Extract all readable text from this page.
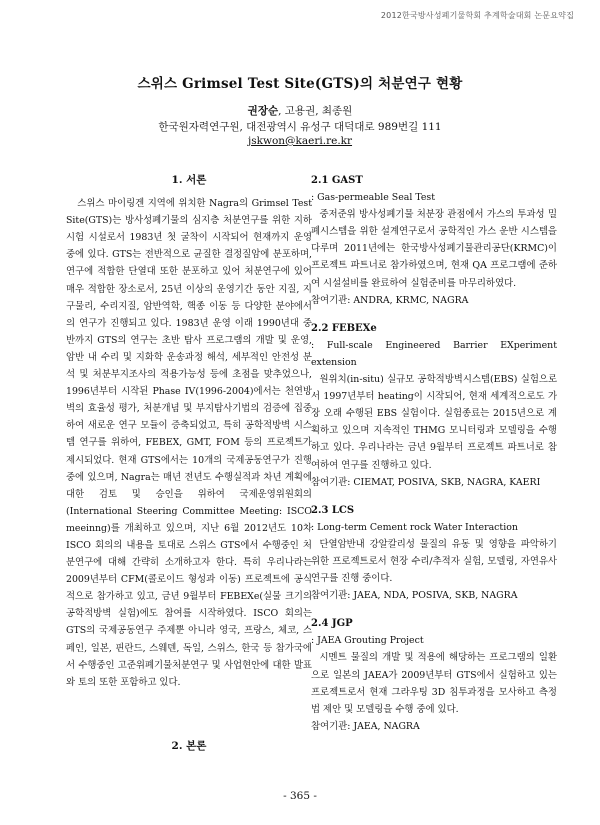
2012한국방사성폐기물학회 추계학술대회 논문요약집
스위스 Grimsel Test Site(GTS)의 처분연구 현황
권장순, 고용권, 최종원
한국원자력연구원, 대전광역시 유성구 대덕대로 989번길 111
jskwon@kaeri.re.kr

1. 서론

스위스 마이링겐 지역에 위치한 Nagra의 Grimsel Test Site(GTS)는 방사성폐기물의 심지층 처분연구를 위한 지하시험 시설로서 1983년 첫 굴착이 시작되어 현재까지 운영 중에 있다. GTS는 전반적으로 균질한 결정질암에 분포하며, 연구에 적합한 단열대 또한 분포하고 있어 처분연구에 있어 매우 적합한 장소로서, 25년 이상의 운영기간 동안 지질, 지구물리, 수리지질, 암반역학, 핵종 이동 등 다양한 분야에서의 연구가 진행되고 있다. 1983년 운영 이래 1990년대 중반까지 GTS의 연구는 초반 탐사 프로그램의 개발 및 운영, 암반 내 수리 및 지화학 운송과정 해석, 세부적인 안전성 분석 및 처분부지조사의 적용가능성 등에 초점을 맞추었으나, 1996년부터 시작된 Phase IV(1996-2004)에서는 천연방벽의 효율성 평가, 처분개념 및 부지탐사기법의 검증에 집중하여 새로운 연구 모듈이 증축되었고, 특히 공학적방벽 시스템 연구를 위하여, FEBEX, GMT, FOM 등의 프로젝트가 제시되었다. 현재 GTS에서는 10개의 국제공동연구가 진행 중에 있으며, Nagra는 매년 전년도 수행실적과 차년 계획에 대한 검토 및 승인을 위하여 국제운영위원회의(International Steering Committee Meeting: ISCO meeinng)를 개최하고 있으며, 지난 6월 2012년도 10차 ISCO 회의의 내용을 토대로 스위스 GTS에서 수행중인 처분연구에 대해 간략히 소개하고자 한다. 특히 우리나라는 2009년부터 CFM(콜로이드 형성과 이동) 프로젝트에 공식적으로 참가하고 있고, 금년 9월부터 FEBEXe(실물 크기의 공학적방벽 실험)에도 참여를 시작하였다. ISCO 회의는 GTS의 국제공동연구 주제뿐 아니라 영국, 프랑스, 체코, 스페인, 일본, 핀란드, 스웨덴, 독일, 스위스, 한국 등 참가국에서 수행중인 고준위폐기물처분연구 및 사업현안에 대한 발표와 토의 또한 포함하고 있다.

2. 본론

2.1 GAST

: Gas-permeable Seal Test

중저준위 방사성폐기물 처분장 관점에서 가스의 투과성 밀폐시스템을 위한 설계연구로서 공학적인 가스 운반 시스템을 다루며 2011년에는 한국방사성폐기물관리공단(KRMC)이 프로젝트 파트너로 참가하였으며, 현재 QA 프로그램에 준하여 시설설비를 완료하여 실험준비를 마무리하였다.

참여기관: ANDRA, KRMC, NAGRA

2.2 FEBEXe

: Full-scale Engineered Barrier EXperiment extension

원위치(in-situ) 실규모 공학적방벽시스템(EBS) 실험으로서 1997년부터 heating이 시작되어, 현재 세계적으로도 가장 오래 수행된 EBS 실험이다. 실험종료는 2015년으로 계획하고 있으며 지속적인 THMG 모니터링과 모델링을 수행하고 있다. 우리나라는 금년 9월부터 프로젝트 파트너로 참여하여 연구를 진행하고 있다.

참여기관: CIEMAT, POSIVA, SKB, NAGRA, KAERI

2.3 LCS

: Long-term Cement rock Water Interaction

단열암반내 강알칼리성 물질의 유동 및 영향을 파악하기 위한 프로젝트로서 현장 수리/추적자 실험, 모델링, 자연유사연구를 진행 중이다.

참여기관: JAEA, NDA, POSIVA, SKB, NAGRA

2.4 JGP

: JAEA Grouting Project

시멘트 물질의 개발 및 적용에 해당하는 프로그램의 일환으로 일본의 JAEA가 2009년부터 GTS에서 실험하고 있는 프로젝트로서 현재 그라우팅 3D 침투과정을 모사하고 측정법 제안 및 모델링을 수행 중에 있다.

참여기관: JAEA, NAGRA

- 365 -
